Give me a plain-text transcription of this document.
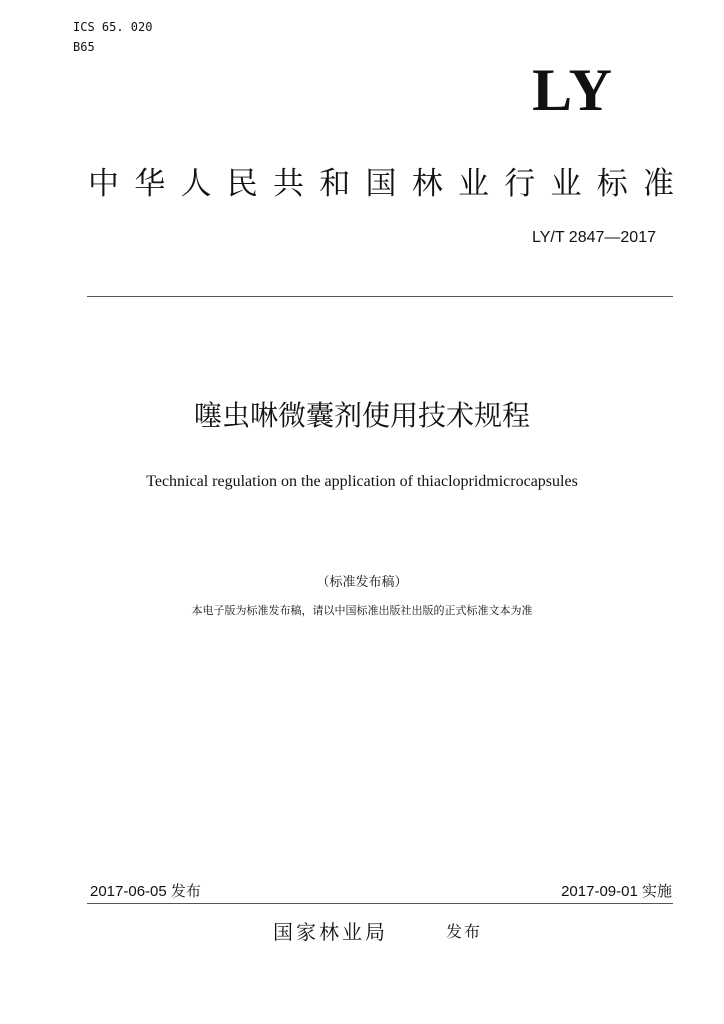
ICS 65. 020
B65
LY
中华人民共和国林业行业标准
LY/T 2847—2017
噻虫啉微囊剂使用技术规程
Technical regulation on the application of thiaclopridmicrocapsules
（标准发布稿）
本电子版为标准发布稿，请以中国标准出版社出版的正式标准文本为准
2017-06-05 发布	2017-09-01 实施
国家林业局	发布
